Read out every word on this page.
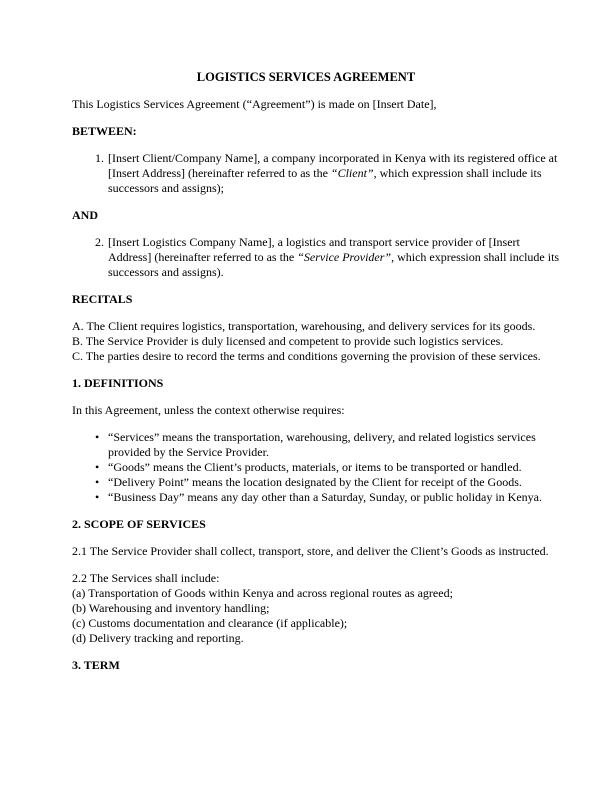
LOGISTICS SERVICES AGREEMENT
This Logistics Services Agreement (“Agreement”) is made on [Insert Date],
BETWEEN:
1. [Insert Client/Company Name], a company incorporated in Kenya with its registered office at [Insert Address] (hereinafter referred to as the “Client”, which expression shall include its successors and assigns);
AND
2. [Insert Logistics Company Name], a logistics and transport service provider of [Insert Address] (hereinafter referred to as the “Service Provider”, which expression shall include its successors and assigns).
RECITALS
A. The Client requires logistics, transportation, warehousing, and delivery services for its goods.
B. The Service Provider is duly licensed and competent to provide such logistics services.
C. The parties desire to record the terms and conditions governing the provision of these services.
1. DEFINITIONS
In this Agreement, unless the context otherwise requires:
• “Services” means the transportation, warehousing, delivery, and related logistics services provided by the Service Provider.
• “Goods” means the Client’s products, materials, or items to be transported or handled.
• “Delivery Point” means the location designated by the Client for receipt of the Goods.
• “Business Day” means any day other than a Saturday, Sunday, or public holiday in Kenya.
2. SCOPE OF SERVICES
2.1 The Service Provider shall collect, transport, store, and deliver the Client’s Goods as instructed.
2.2 The Services shall include:
(a) Transportation of Goods within Kenya and across regional routes as agreed;
(b) Warehousing and inventory handling;
(c) Customs documentation and clearance (if applicable);
(d) Delivery tracking and reporting.
3. TERM
